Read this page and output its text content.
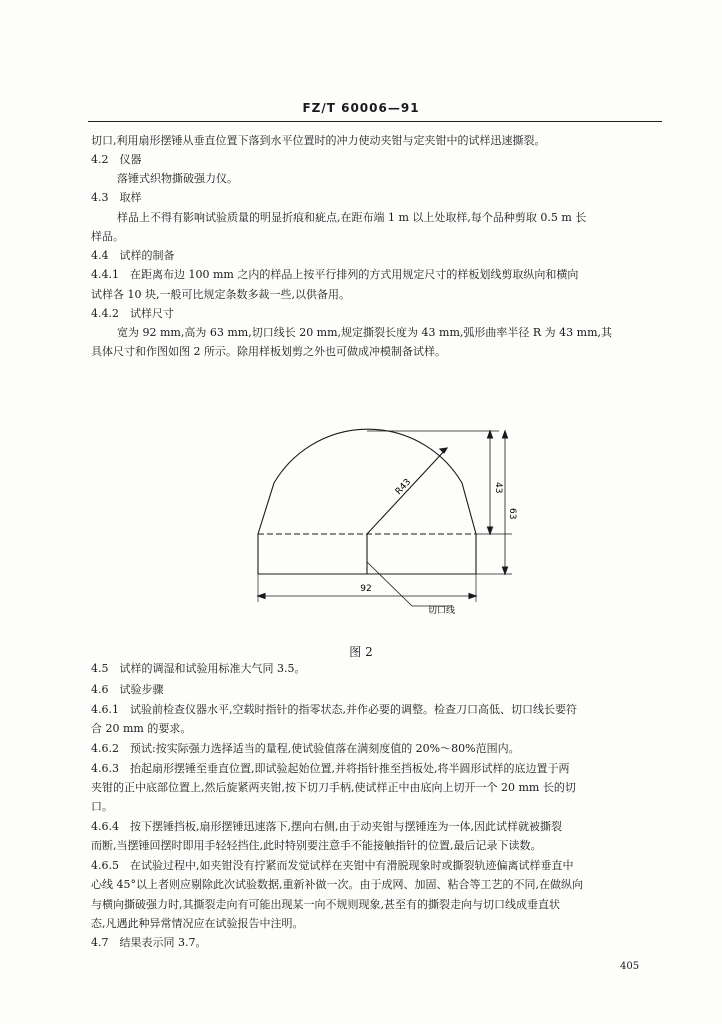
FZ/T 60006—91
切口,利用扇形摆锤从垂直位置下落到水平位置时的冲力使动夹钳与定夹钳中的试样迅速撕裂。
4.2　仪器
落锤式织物撕破强力仪。
4.3　取样
样品上不得有影响试验质量的明显折痕和疵点,在距布端 1 m 以上处取样,每个品种剪取 0.5 m 长
样品。
4.4　试样的制备
4.4.1　在距离布边 100 mm 之内的样品上按平行排列的方式用规定尺寸的样板划线剪取纵向和横向
试样各 10 块,一般可比规定条数多裁一些,以供备用。
4.4.2　试样尺寸
宽为 92 mm,高为 63 mm,切口线长 20 mm,规定撕裂长度为 43 mm,弧形曲率半径 R 为 43 mm,其
具体尺寸和作图如图 2 所示。除用样板划剪之外也可做成冲模制备试样。
R43	43
63
92
切口线
图 2
4.5　试样的调湿和试验用标准大气同 3.5。
4.6　试验步骤
4.6.1　试验前检查仪器水平,空载时指针的指零状态,并作必要的调整。检查刀口高低、切口线长要符
合 20 mm 的要求。
4.6.2　预试:按实际强力选择适当的量程,使试验值落在满刻度值的 20%～80%范围内。
4.6.3　抬起扇形摆锤至垂直位置,即试验起始位置,并将指针推至挡板处,将半圆形试样的底边置于两
夹钳的正中底部位置上,然后旋紧两夹钳,按下切刀手柄,使试样正中由底向上切开一个 20 mm 长的切
口。
4.6.4　按下摆锤挡板,扇形摆锤迅速落下,摆向右侧,由于动夹钳与摆锤连为一体,因此试样就被撕裂
而断,当摆锤回摆时即用手轻轻挡住,此时特别要注意手不能接触指针的位置,最后记录下读数。
4.6.5　在试验过程中,如夹钳没有拧紧而发觉试样在夹钳中有滑脱现象时或撕裂轨迹偏离试样垂直中
心线 45°以上者则应剔除此次试验数据,重新补做一次。由于成网、加固、粘合等工艺的不同,在做纵向
与横向撕破强力时,其撕裂走向有可能出现某一向不规则现象,甚至有的撕裂走向与切口线成垂直状
态,凡遇此种异常情况应在试验报告中注明。
4.7　结果表示同 3.7。
405
